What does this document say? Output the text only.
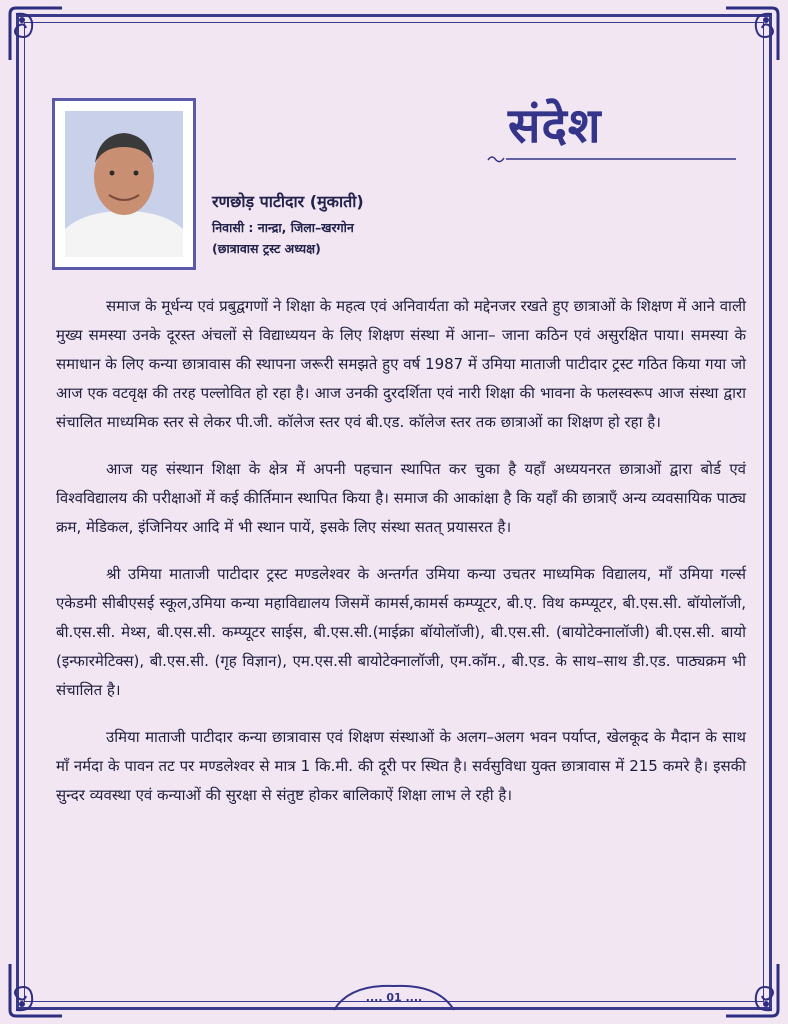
संदेश
रणछोड़ पाटीदार (मुकाती)
निवासी : नान्द्रा, जिला–खरगोन
(छात्रावास ट्रस्ट अध्यक्ष)

समाज के मूर्धन्य एवं प्रबुद्वगणों ने शिक्षा के महत्व एवं अनिवार्यता को मद्देनजर रखते हुए छात्राओं के शिक्षण में आने वाली मुख्य समस्या उनके दूरस्त अंचलों से विद्याध्ययन के लिए शिक्षण संस्था में आना– जाना कठिन एवं असुरक्षित पाया। समस्या के समाधान के लिए कन्या छात्रावास की स्थापना जरूरी समझते हुए वर्ष 1987 में उमिया माताजी पाटीदार ट्रस्ट गठित किया गया जो आज एक वटवृक्ष की तरह पल्लोवित हो रहा है। आज उनकी दुरदर्शिता एवं नारी शिक्षा की भावना के फलस्वरूप आज संस्था द्वारा संचालित माध्यमिक स्तर से लेकर पी.जी. कॉलेज स्तर एवं बी.एड. कॉलेज स्तर तक छात्राओं का शिक्षण हो रहा है।

आज यह संस्थान शिक्षा के क्षेत्र में अपनी पहचान स्थापित कर चुका है यहाँ अध्ययनरत छात्राओं द्वारा बोर्ड एवं विश्वविद्यालय की परीक्षाओं में कई कीर्तिमान स्थापित किया है। समाज की आकांक्षा है कि यहाँ की छात्राएँ अन्य व्यवसायिक पाठ्य क्रम, मेडिकल, इंजिनियर आदि में भी स्थान पायें, इसके लिए संस्था सतत् प्रयासरत है।

श्री उमिया माताजी पाटीदार ट्रस्ट मण्डलेश्वर के अन्तर्गत उमिया कन्या उचतर माध्यमिक विद्यालय, माँ उमिया गर्ल्स एकेडमी सीबीएसई स्कूल,उमिया कन्या महाविद्यालय जिसमें कामर्स,कामर्स कम्प्यूटर, बी.ए. विथ कम्प्यूटर, बी.एस.सी. बॉयोलॉजी, बी.एस.सी. मेथ्स, बी.एस.सी. कम्प्यूटर साईस, बी.एस.सी.(माईक्रा बॉयोलॉजी), बी.एस.सी. (बायोटेक्नालॉजी) बी.एस.सी. बायो (इन्फारमेटिक्स), बी.एस.सी. (गृह विज्ञान), एम.एस.सी बायोटेक्नालॉजी, एम.कॉम., बी.एड. के साथ–साथ डी.एड. पाठ्यक्रम भी संचालित है।

उमिया माताजी पाटीदार कन्या छात्रावास एवं शिक्षण संस्थाओं के अलग–अलग भवन पर्याप्त, खेलकूद के मैदान के साथ माँ नर्मदा के पावन तट पर मण्डलेश्वर से मात्र 1 कि.मी. की दूरी पर स्थित है। सर्वसुविधा युक्त छात्रावास में 215 कमरे है। इसकी सुन्दर व्यवस्था एवं कन्याओं की सुरक्षा से संतुष्ट होकर बालिकाऐं शिक्षा लाभ ले रही है।

.... 01 ....
